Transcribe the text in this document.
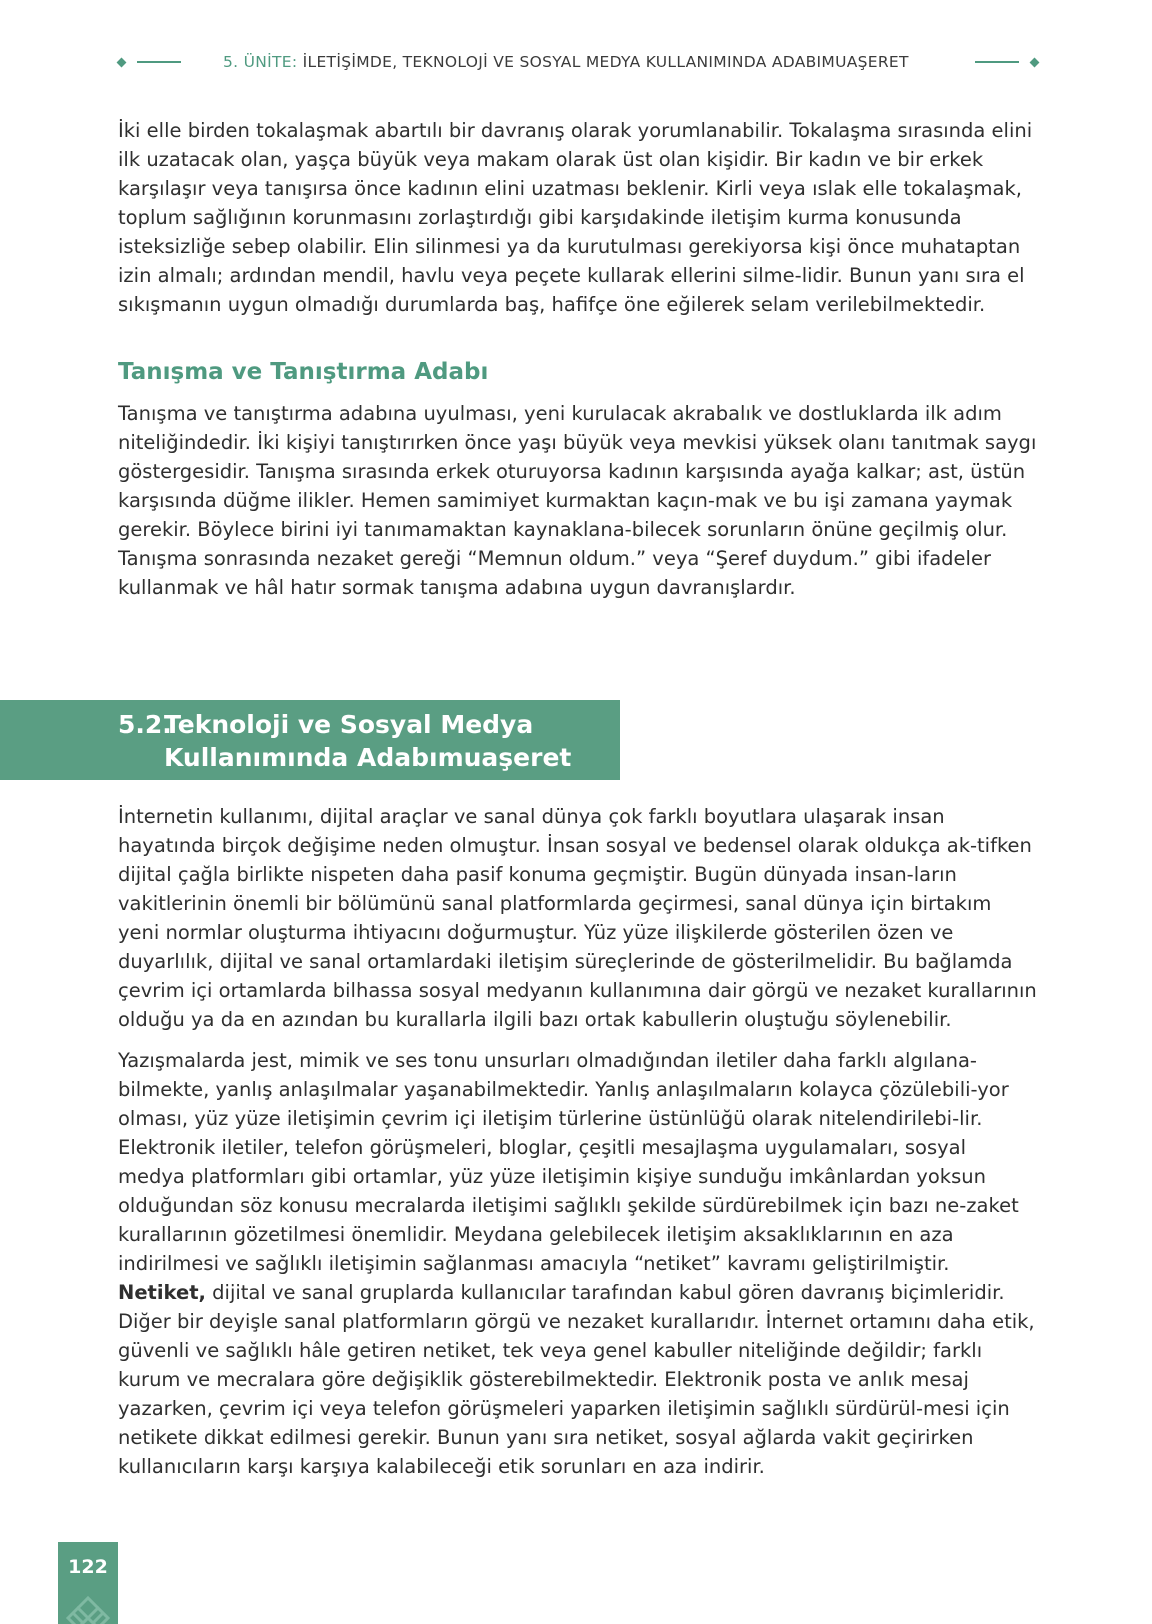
5. ÜNİTE: İLETİŞİMDE, TEKNOLOJİ VE SOSYAL MEDYA KULLANIMINDA ADABIMUAŞERET

İki elle birden tokalaşmak abartılı bir davranış olarak yorumlanabilir. Tokalaşma sırasında elini ilk uzatacak olan, yaşça büyük veya makam olarak üst olan kişidir. Bir kadın ve bir erkek karşılaşır veya tanışırsa önce kadının elini uzatması beklenir. Kirli veya ıslak elle tokalaşmak, toplum sağlığının korunmasını zorlaştırdığı gibi karşıdakinde iletişim kurma konusunda isteksizliğe sebep olabilir. Elin silinmesi ya da kurutulması gerekiyorsa kişi önce muhataptan izin almalı; ardından mendil, havlu veya peçete kullarak ellerini silme-lidir. Bunun yanı sıra el sıkışmanın uygun olmadığı durumlarda baş, hafifçe öne eğilerek selam verilebilmektedir.

Tanışma ve Tanıştırma Adabı

Tanışma ve tanıştırma adabına uyulması, yeni kurulacak akrabalık ve dostluklarda ilk adım niteliğindedir. İki kişiyi tanıştırırken önce yaşı büyük veya mevkisi yüksek olanı tanıtmak saygı göstergesidir. Tanışma sırasında erkek oturuyorsa kadının karşısında ayağa kalkar; ast, üstün karşısında düğme ilikler. Hemen samimiyet kurmaktan kaçın-mak ve bu işi zamana yaymak gerekir. Böylece birini iyi tanımamaktan kaynaklana-bilecek sorunların önüne geçilmiş olur. Tanışma sonrasında nezaket gereği “Memnun oldum.” veya “Şeref duydum.” gibi ifadeler kullanmak ve hâl hatır sormak tanışma adabına uygun davranışlardır.

5.2.
Teknoloji ve Sosyal Medya
Kullanımında Adabımuaşeret

İnternetin kullanımı, dijital araçlar ve sanal dünya çok farklı boyutlara ulaşarak insan hayatında birçok değişime neden olmuştur. İnsan sosyal ve bedensel olarak oldukça ak-tifken dijital çağla birlikte nispeten daha pasif konuma geçmiştir. Bugün dünyada insan-ların vakitlerinin önemli bir bölümünü sanal platformlarda geçirmesi, sanal dünya için birtakım yeni normlar oluşturma ihtiyacını doğurmuştur. Yüz yüze ilişkilerde gösterilen özen ve duyarlılık, dijital ve sanal ortamlardaki iletişim süreçlerinde de gösterilmelidir. Bu bağlamda çevrim içi ortamlarda bilhassa sosyal medyanın kullanımına dair görgü ve nezaket kurallarının olduğu ya da en azından bu kurallarla ilgili bazı ortak kabullerin oluştuğu söylenebilir.

Yazışmalarda jest, mimik ve ses tonu unsurları olmadığından iletiler daha farklı algılana-bilmekte, yanlış anlaşılmalar yaşanabilmektedir. Yanlış anlaşılmaların kolayca çözülebili-yor olması, yüz yüze iletişimin çevrim içi iletişim türlerine üstünlüğü olarak nitelendirilebi-lir. Elektronik iletiler, telefon görüşmeleri, bloglar, çeşitli mesajlaşma uygulamaları, sosyal medya platformları gibi ortamlar, yüz yüze iletişimin kişiye sunduğu imkânlardan yoksun olduğundan söz konusu mecralarda iletişimi sağlıklı şekilde sürdürebilmek için bazı ne-zaket kurallarının gözetilmesi önemlidir. Meydana gelebilecek iletişim aksaklıklarının en aza indirilmesi ve sağlıklı iletişimin sağlanması amacıyla “netiket” kavramı geliştirilmiştir.
Netiket, dijital ve sanal gruplarda kullanıcılar tarafından kabul gören davranış biçimleridir. Diğer bir deyişle sanal platformların görgü ve nezaket kurallarıdır. İnternet ortamını daha etik, güvenli ve sağlıklı hâle getiren netiket, tek veya genel kabuller niteliğinde değildir; farklı kurum ve mecralara göre değişiklik gösterebilmektedir. Elektronik posta ve anlık mesaj yazarken, çevrim içi veya telefon görüşmeleri yaparken iletişimin sağlıklı sürdürül-mesi için netikete dikkat edilmesi gerekir. Bunun yanı sıra netiket, sosyal ağlarda vakit geçirirken kullanıcıların karşı karşıya kalabileceği etik sorunları en aza indirir.

122
